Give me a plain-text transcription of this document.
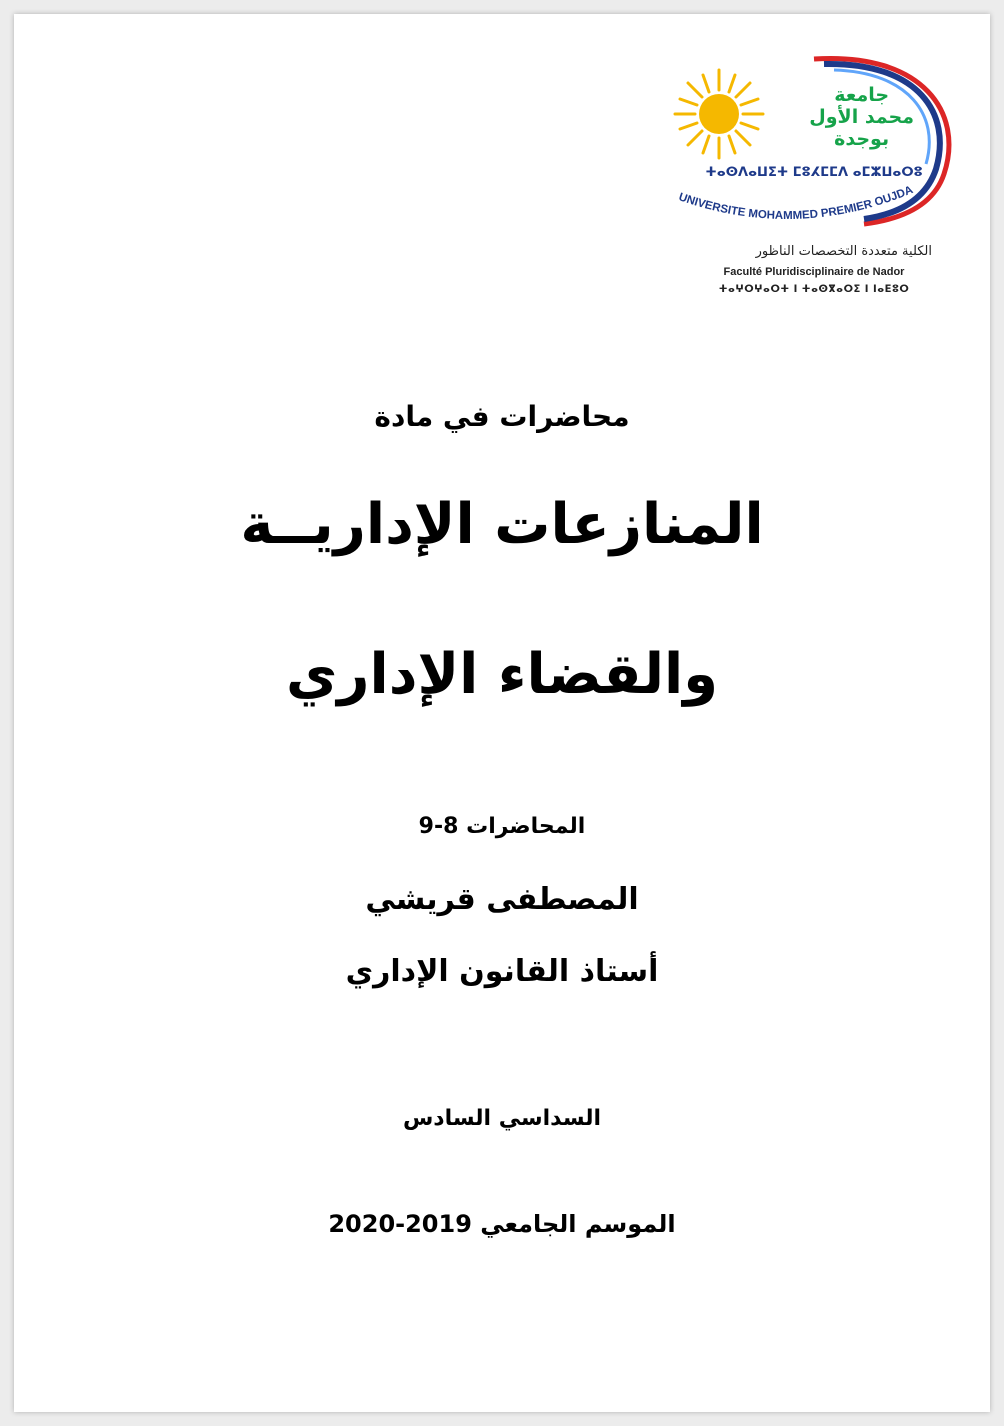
ⵜⴰⵙⴷⴰⵡⵉⵜ ⵎⵓⵃⵎⵎⴷ ⴰⵎⵣⵡⴰⵔⵓ
UNIVERSITE MOHAMMED PREMIER OUJDA
جامعة
محمد الأول
بوجدة
الكلية متعددة التخصصات الناظور
Faculté Pluridisciplinaire de Nador
ⵜⴰⵖⵔⵖⴰⵔⵜ ⵏ ⵜⴰⵙⴳⴰⵔⵉ ⵏ ⵏⴰⴹⵓⵔ
محاضرات في مادة
المنازعات الإداريــة
والقضاء الإداري
المحاضرات 8-9
المصطفى قريشي
أستاذ القانون الإداري
السداسي السادس
الموسم الجامعي 2019-2020
